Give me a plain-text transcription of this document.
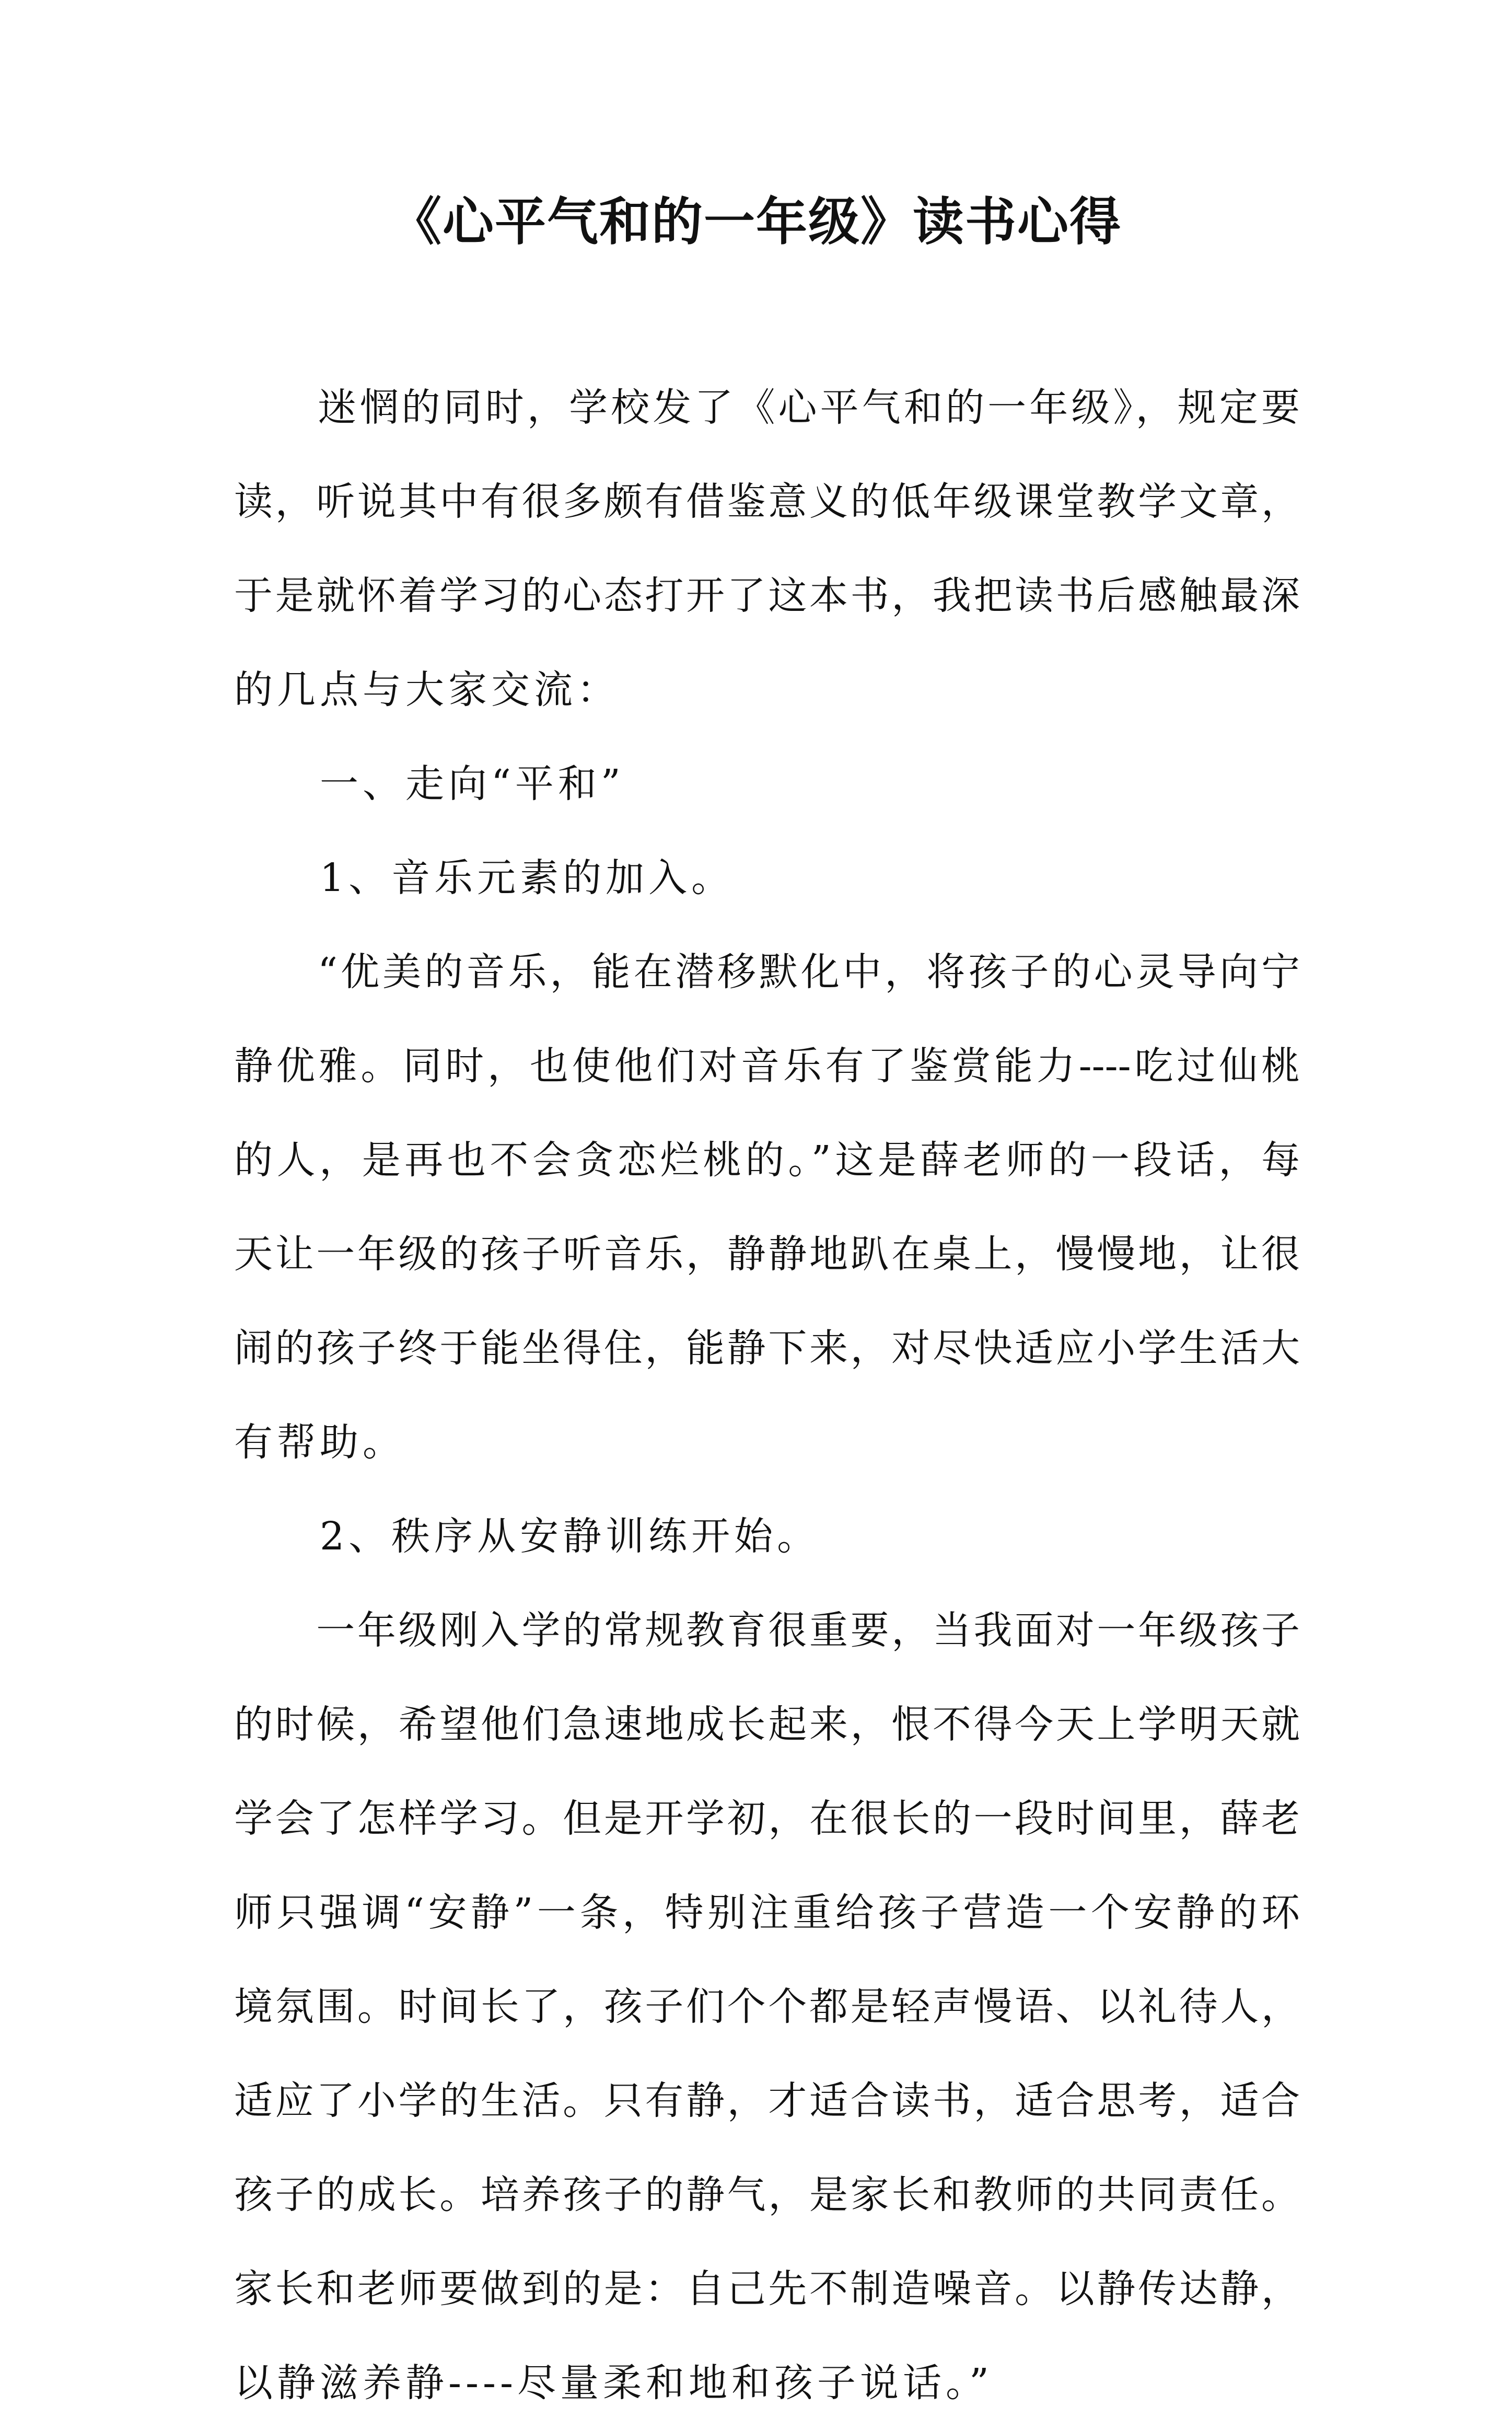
《心平气和的一年级》读书心得
　　迷惘的同时，学校发了《心平气和的一年级》，规定要
读，听说其中有很多颇有借鉴意义的低年级课堂教学文章，
于是就怀着学习的心态打开了这本书，我把读书后感触最深
的几点与大家交流：
　　一、走向“平和”
　　1、音乐元素的加入。
　　“优美的音乐，能在潜移默化中，将孩子的心灵导向宁
静优雅。同时，也使他们对音乐有了鉴赏能力----吃过仙桃
的人，是再也不会贪恋烂桃的。”这是薛老师的一段话，每
天让一年级的孩子听音乐，静静地趴在桌上，慢慢地，让很
闹的孩子终于能坐得住，能静下来，对尽快适应小学生活大
有帮助。
　　2、秩序从安静训练开始。
　　一年级刚入学的常规教育很重要，当我面对一年级孩子
的时候，希望他们急速地成长起来，恨不得今天上学明天就
学会了怎样学习。但是开学初，在很长的一段时间里，薛老
师只强调“安静”一条，特别注重给孩子营造一个安静的环
境氛围。时间长了，孩子们个个都是轻声慢语、以礼待人，
适应了小学的生活。只有静，才适合读书，适合思考，适合
孩子的成长。培养孩子的静气，是家长和教师的共同责任。
家长和老师要做到的是：自己先不制造噪音。以静传达静，
以静滋养静----尽量柔和地和孩子说话。”
